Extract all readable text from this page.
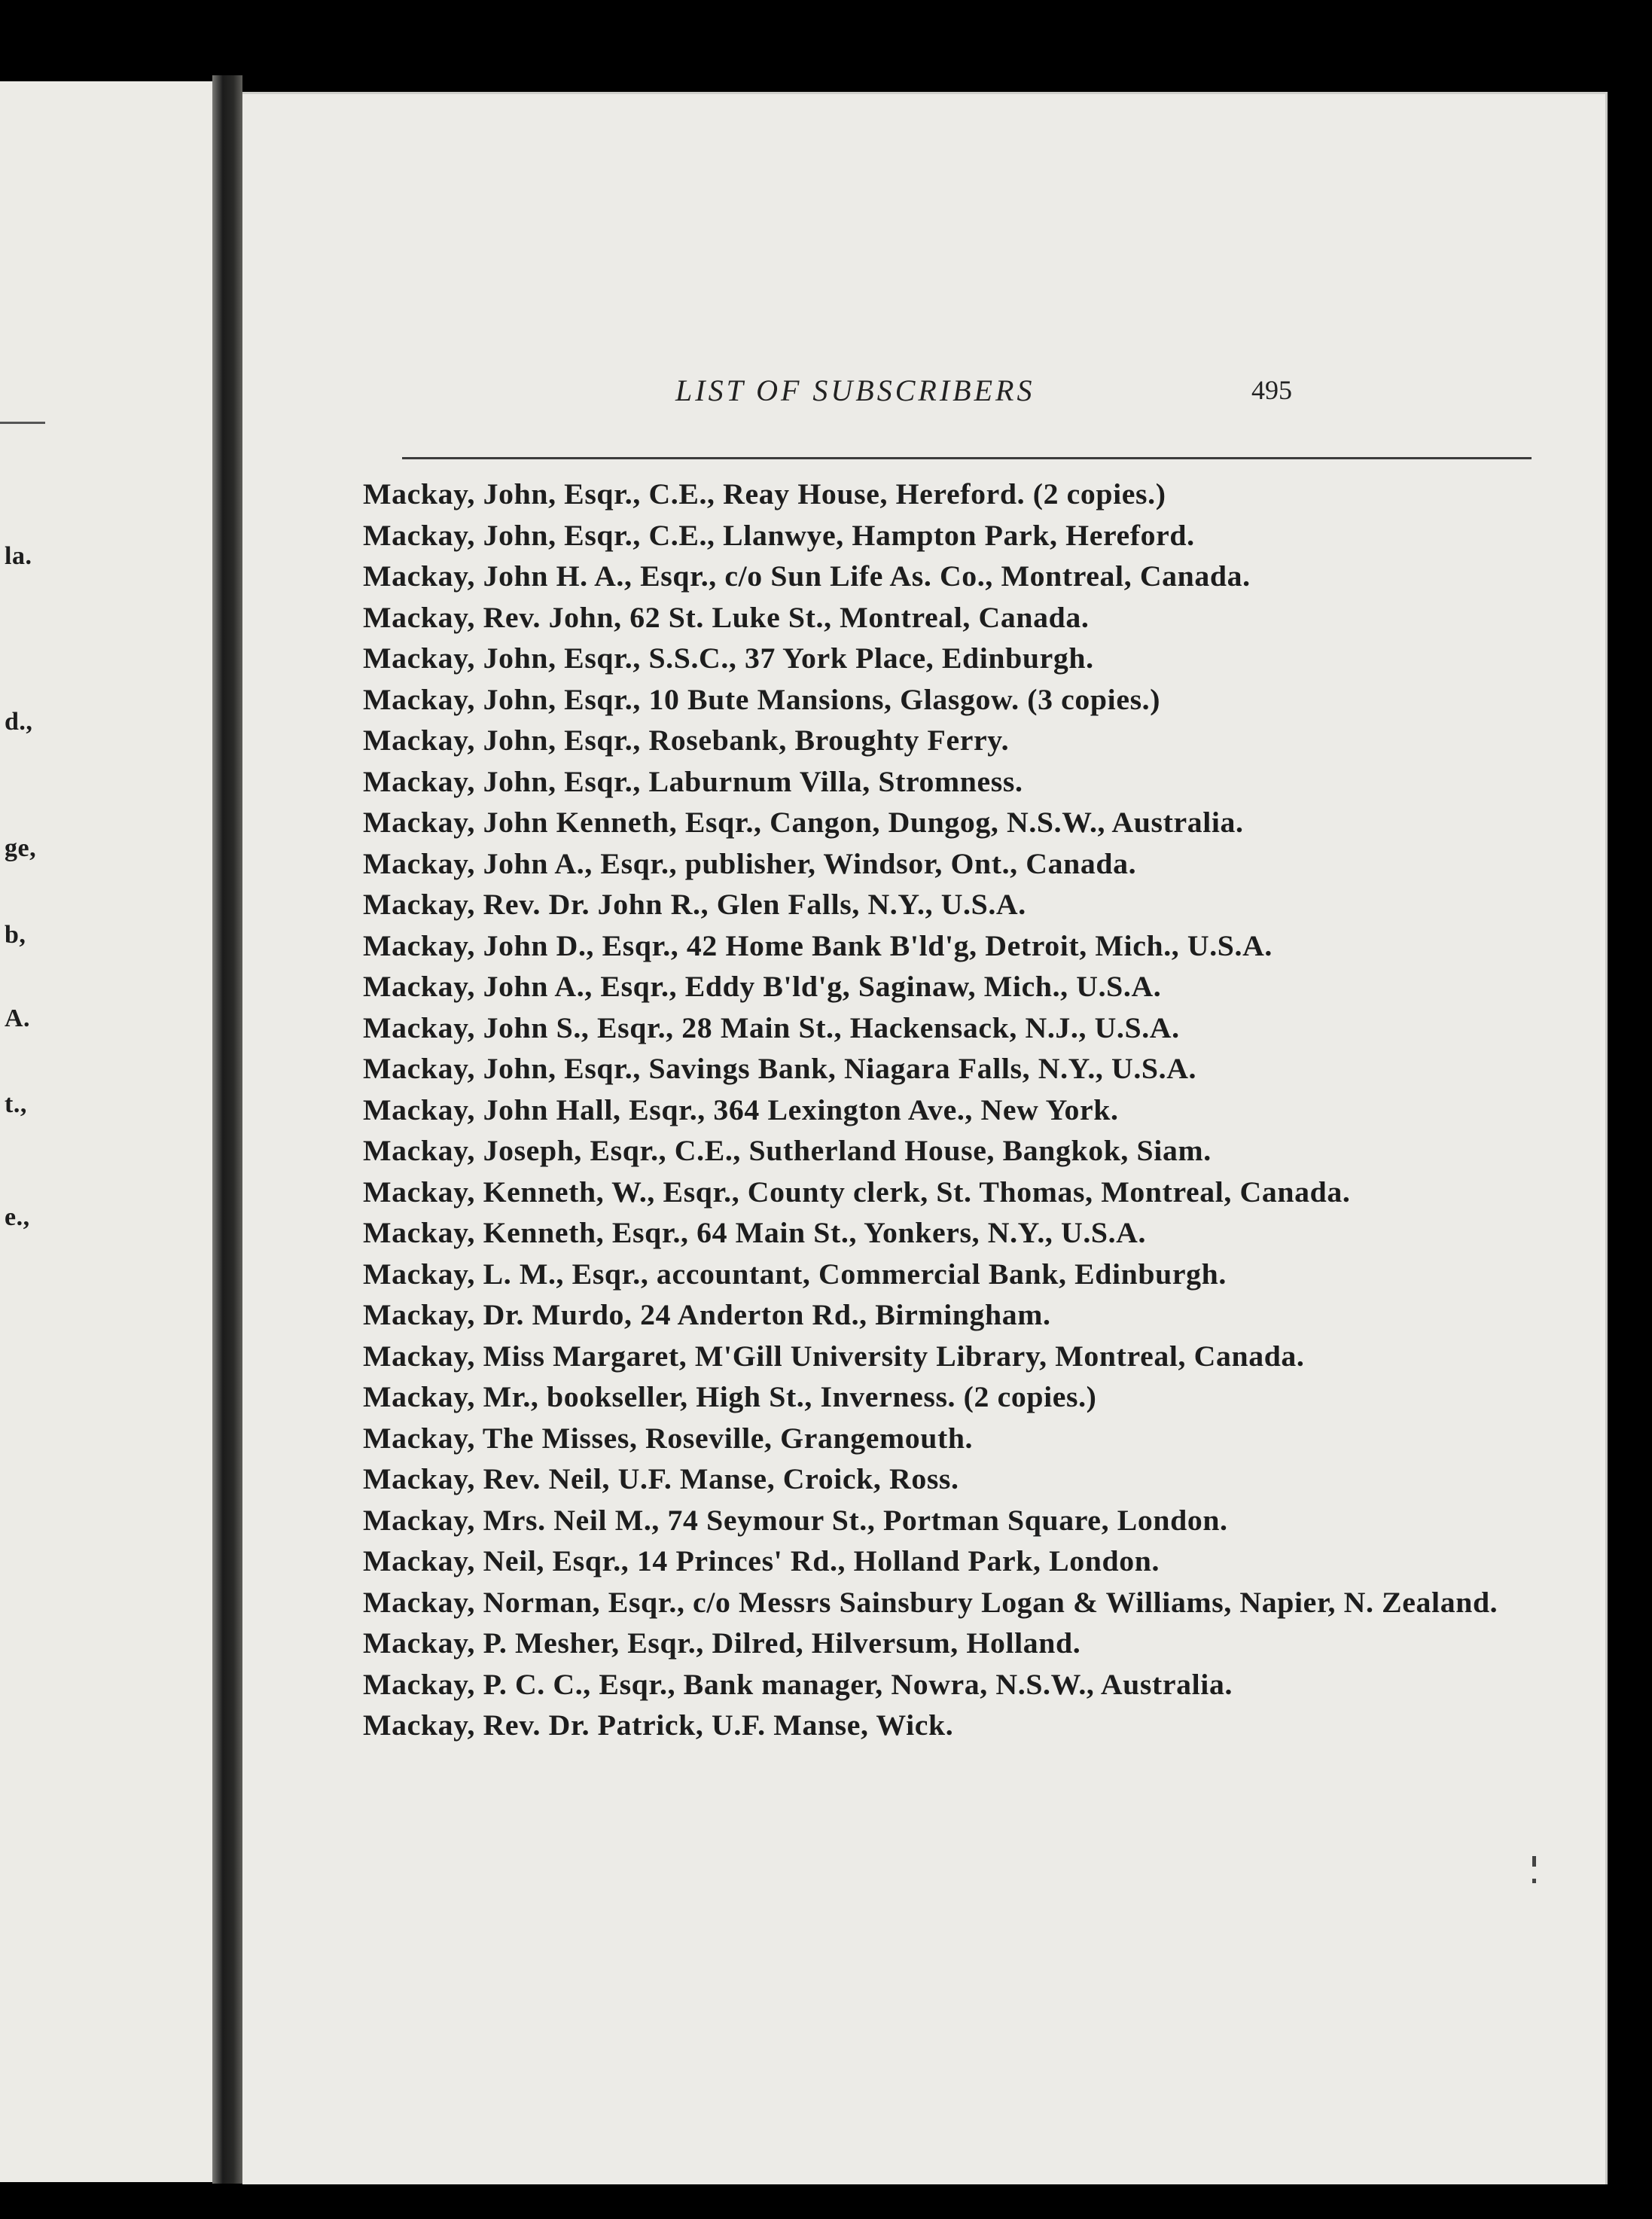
la.
d.,
ge,
b,
A.
t.,
e.,
LIST OF SUBSCRIBERS	495
Mackay, John, Esqr., C.E., Reay House, Hereford. (2 copies.)
Mackay, John, Esqr., C.E., Llanwye, Hampton Park, Hereford.
Mackay, John H. A., Esqr., c/o Sun Life As. Co., Montreal, Canada.
Mackay, Rev. John, 62 St. Luke St., Montreal, Canada.
Mackay, John, Esqr., S.S.C., 37 York Place, Edinburgh.
Mackay, John, Esqr., 10 Bute Mansions, Glasgow. (3 copies.)
Mackay, John, Esqr., Rosebank, Broughty Ferry.
Mackay, John, Esqr., Laburnum Villa, Stromness.
Mackay, John Kenneth, Esqr., Cangon, Dungog, N.S.W., Australia.
Mackay, John A., Esqr., publisher, Windsor, Ont., Canada.
Mackay, Rev. Dr. John R., Glen Falls, N.Y., U.S.A.
Mackay, John D., Esqr., 42 Home Bank B'ld'g, Detroit, Mich., U.S.A.
Mackay, John A., Esqr., Eddy B'ld'g, Saginaw, Mich., U.S.A.
Mackay, John S., Esqr., 28 Main St., Hackensack, N.J., U.S.A.
Mackay, John, Esqr., Savings Bank, Niagara Falls, N.Y., U.S.A.
Mackay, John Hall, Esqr., 364 Lexington Ave., New York.
Mackay, Joseph, Esqr., C.E., Sutherland House, Bangkok, Siam.
Mackay, Kenneth, W., Esqr., County clerk, St. Thomas, Montreal, Canada.
Mackay, Kenneth, Esqr., 64 Main St., Yonkers, N.Y., U.S.A.
Mackay, L. M., Esqr., accountant, Commercial Bank, Edinburgh.
Mackay, Dr. Murdo, 24 Anderton Rd., Birmingham.
Mackay, Miss Margaret, M'Gill University Library, Montreal, Canada.
Mackay, Mr., bookseller, High St., Inverness. (2 copies.)
Mackay, The Misses, Roseville, Grangemouth.
Mackay, Rev. Neil, U.F. Manse, Croick, Ross.
Mackay, Mrs. Neil M., 74 Seymour St., Portman Square, London.
Mackay, Neil, Esqr., 14 Princes' Rd., Holland Park, London.
Mackay, Norman, Esqr., c/o Messrs Sainsbury Logan & Williams, Napier, N. Zealand.
Mackay, P. Mesher, Esqr., Dilred, Hilversum, Holland.
Mackay, P. C. C., Esqr., Bank manager, Nowra, N.S.W., Australia.
Mackay, Rev. Dr. Patrick, U.F. Manse, Wick.
